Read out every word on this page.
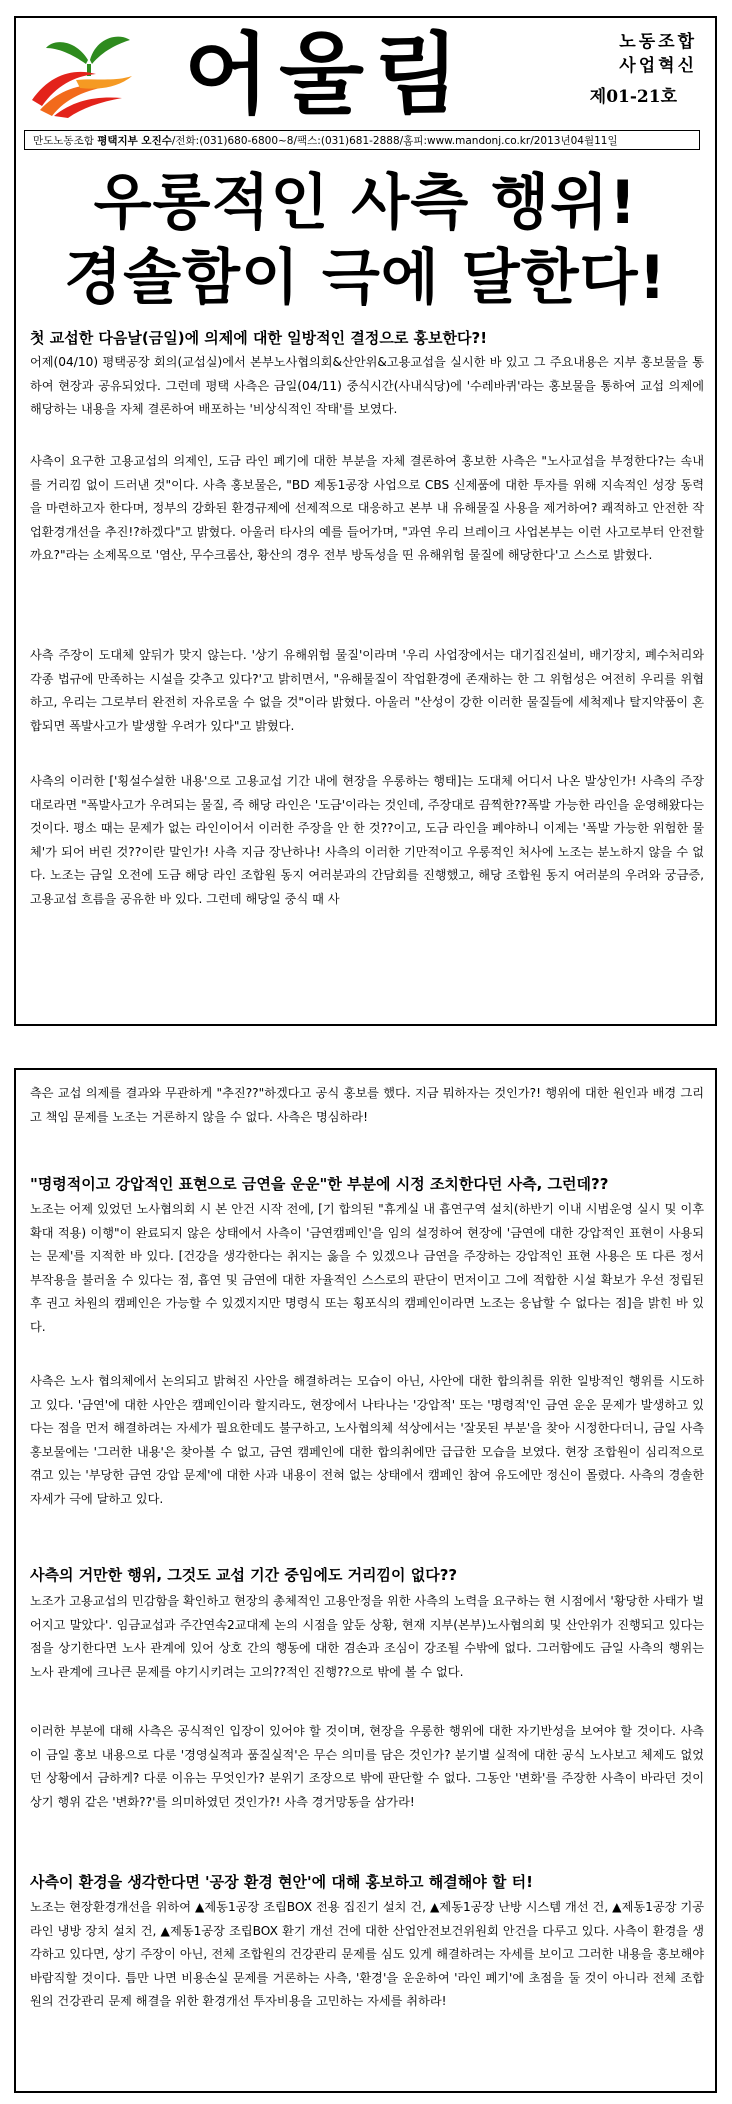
어울림	노동조합
사업혁신
제01-21호
만도노동조합 평택지부 오진수/전화:(031)680-6800~8/팩스:(031)681-2888/홈피:www.mandonj.co.kr/2013년04월11일
우롱적인 사측 행위!
경솔함이 극에 달한다!
첫 교섭한 다음날(금일)에 의제에 대한 일방적인 결정으로 홍보한다?!
어제(04/10) 평택공장 회의(교섭실)에서 본부노사협의회&산안위&고용교섭을 실시한 바 있고 그 주요내용은 지부 홍보물을 통하여 현장과 공유되었다. 그런데 평택 사측은 금일(04/11) 중식시간(사내식당)에 '수레바퀴'라는 홍보물을 통하여 교섭 의제에 해당하는 내용을 자체 결론하여 배포하는 '비상식적인 작태'를 보였다.
사측이 요구한 고용교섭의 의제인, 도금 라인 폐기에 대한 부분을 자체 결론하여 홍보한 사측은 "노사교섭을 부정한다?는 속내를 거리낌 없이 드러낸 것"이다. 사측 홍보물은, "BD 제동1공장 사업으로 CBS 신제품에 대한 투자를 위해 지속적인 성장 동력을 마련하고자 한다며, 정부의 강화된 환경규제에 선제적으로 대응하고 본부 내 유해물질 사용을 제거하여? 쾌적하고 안전한 작업환경개선을 추진!?하겠다"고 밝혔다. 아울러 타사의 예를 들어가며, "과연 우리 브레이크 사업본부는 이런 사고로부터 안전할까요?"라는 소제목으로 '염산, 무수크롬산, 황산의 경우 전부 방독성을 띤 유해위험 물질에 해당한다'고 스스로 밝혔다.
사측 주장이 도대체 앞뒤가 맞지 않는다. '상기 유해위험 물질'이라며 '우리 사업장에서는 대기집진설비, 배기장치, 폐수처리와 각종 법규에 만족하는 시설을 갖추고 있다?'고 밝히면서, "유해물질이 작업환경에 존재하는 한 그 위험성은 여전히 우리를 위협하고, 우리는 그로부터 완전히 자유로울 수 없을 것"이라 밝혔다. 아울러 "산성이 강한 이러한 물질들에 세척제나 탈지약품이 혼합되면 폭발사고가 발생할 우려가 있다"고 밝혔다.
사측의 이러한 ['횡설수설한 내용'으로 고용교섭 기간 내에 현장을 우롱하는 행태]는 도대체 어디서 나온 발상인가! 사측의 주장대로라면 "폭발사고가 우려되는 물질, 즉 해당 라인은 '도금'이라는 것인데, 주장대로 끔찍한??폭발 가능한 라인을 운영해왔다는 것이다. 평소 때는 문제가 없는 라인이어서 이러한 주장을 안 한 것??이고, 도금 라인을 폐야하니 이제는 '폭발 가능한 위험한 물체'가 되어 버린 것??이란 말인가! 사측 지금 장난하나! 사측의 이러한 기만적이고 우롱적인 처사에 노조는 분노하지 않을 수 없다. 노조는 금일 오전에 도금 해당 라인 조합원 동지 여러분과의 간담회를 진행했고, 해당 조합원 동지 여러분의 우려와 궁금증, 고용교섭 흐름을 공유한 바 있다. 그런데 해당일 중식 때 사
측은 교섭 의제를 결과와 무관하게 "추진??"하겠다고 공식 홍보를 했다. 지금 뭐하자는 것인가?! 행위에 대한 원인과 배경 그리고 책임 문제를 노조는 거론하지 않을 수 없다. 사측은 명심하라!
"명령적이고 강압적인 표현으로 금연을 운운"한 부분에 시정 조치한다던 사측, 그런데??
노조는 어제 있었던 노사협의회 시 본 안건 시작 전에, [기 합의된 "휴게실 내 흡연구역 설치(하반기 이내 시범운영 실시 및 이후 확대 적용) 이행"이 완료되지 않은 상태에서 사측이 '금연캠페인'을 임의 설정하여 현장에 '금연에 대한 강압적인 표현이 사용되는 문제'를 지적한 바 있다. [건강을 생각한다는 취지는 옳을 수 있겠으나 금연을 주장하는 강압적인 표현 사용은 또 다른 정서 부작용을 불러올 수 있다는 점, 흡연 및 금연에 대한 자율적인 스스로의 판단이 먼저이고 그에 적합한 시설 확보가 우선 정립된 후 권고 차원의 캠페인은 가능할 수 있겠지지만 명령식 또는 횡포식의 캠페인이라면 노조는 응납할 수 없다는 점]을 밝힌 바 있다.
사측은 노사 협의체에서 논의되고 밝혀진 사안을 해결하려는 모습이 아닌, 사안에 대한 합의취를 위한 일방적인 행위를 시도하고 있다. '금연'에 대한 사안은 캠페인이라 할지라도, 현장에서 나타나는 '강압적' 또는 '명령적'인 금연 운운 문제가 발생하고 있다는 점을 먼저 해결하려는 자세가 필요한데도 불구하고, 노사협의체 석상에서는 '잘못된 부분'을 찾아 시정한다더니, 금일 사측 홍보물에는 '그러한 내용'은 찾아볼 수 없고, 금연 캠페인에 대한 합의취에만 급급한 모습을 보였다. 현장 조합원이 심리적으로 겪고 있는 '부당한 금연 강압 문제'에 대한 사과 내용이 전혀 없는 상태에서 캠페인 참여 유도에만 정신이 몰렸다. 사측의 경솔한 자세가 극에 달하고 있다.
사측의 거만한 행위, 그것도 교섭 기간 중임에도 거리낌이 없다??
노조가 고용교섭의 민감함을 확인하고 현장의 총체적인 고용안정을 위한 사측의 노력을 요구하는 현 시점에서 '황당한 사태가 벌어지고 말았다'. 임금교섭과 주간연속2교대제 논의 시점을 앞둔 상황, 현재 지부(본부)노사협의회 및 산안위가 진행되고 있다는 점을 상기한다면 노사 관계에 있어 상호 간의 행동에 대한 겸손과 조심이 강조될 수밖에 없다. 그러함에도 금일 사측의 행위는 노사 관계에 크나큰 문제를 야기시키려는 고의??적인 진행??으로 밖에 볼 수 없다.
이러한 부분에 대해 사측은 공식적인 입장이 있어야 할 것이며, 현장을 우롱한 행위에 대한 자기반성을 보여야 할 것이다. 사측이 금일 홍보 내용으로 다룬 '경영실적과 품질실적'은 무슨 의미를 담은 것인가? 분기별 실적에 대한 공식 노사보고 체제도 없었던 상황에서 금하게? 다룬 이유는 무엇인가? 분위기 조장으로 밖에 판단할 수 없다. 그동안 '변화'를 주장한 사측이 바라던 것이 상기 행위 같은 '변화??'를 의미하였던 것인가?! 사측 경거망동을 삼가라!
사측이 환경을 생각한다면 '공장 환경 현안'에 대해 홍보하고 해결해야 할 터!
노조는 현장환경개선을 위하여 ▲제동1공장 조립BOX 전용 집진기 설치 건, ▲제동1공장 난방 시스템 개선 건, ▲제동1공장 기공 라인 냉방 장치 설치 건, ▲제동1공장 조립BOX 환기 개선 건에 대한 산업안전보건위원회 안건을 다루고 있다. 사측이 환경을 생각하고 있다면, 상기 주장이 아닌, 전체 조합원의 건강관리 문제를 심도 있게 해결하려는 자세를 보이고 그러한 내용을 홍보해야 바람직할 것이다. 틈만 나면 비용손실 문제를 거론하는 사측, '환경'을 운운하여 '라인 폐기'에 초점을 둘 것이 아니라 전체 조합원의 건강관리 문제 해결을 위한 환경개선 투자비용을 고민하는 자세를 취하라!
